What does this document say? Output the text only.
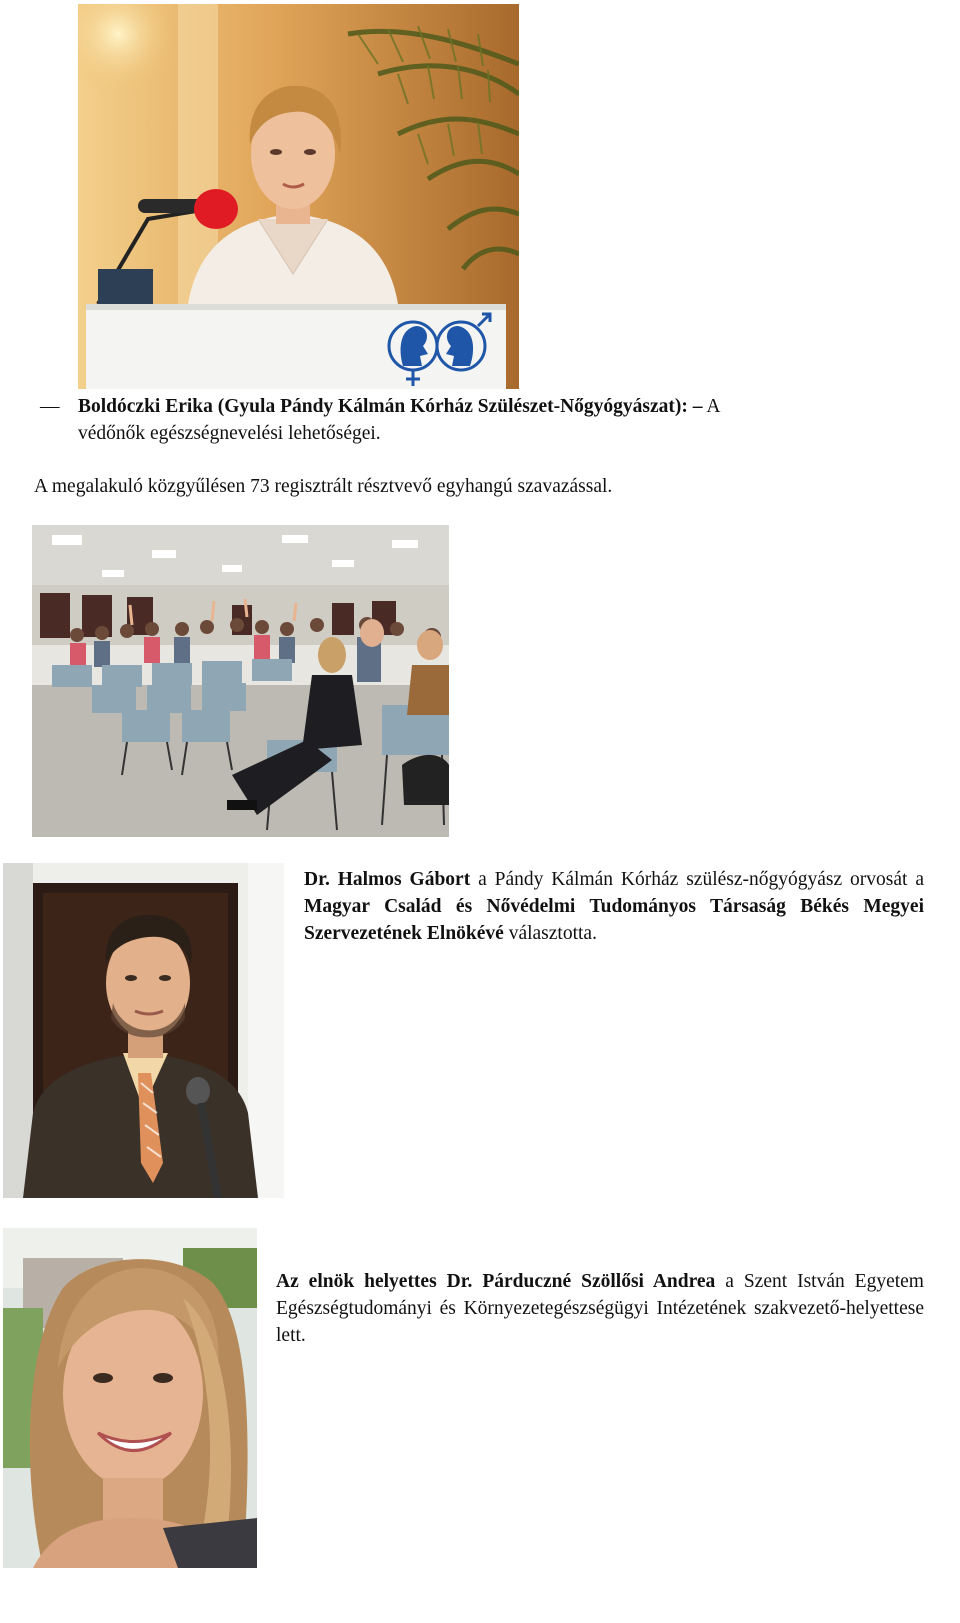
— Boldóczki Erika (Gyula Pándy Kálmán Kórház Szülészet-Nőgyógyászat): – A
védőnők egészségnevelési lehetőségei.
A megalakuló közgyűlésen 73 regisztrált résztvevő egyhangú szavazással.
Dr. Halmos Gábort a Pándy Kálmán Kórház szülész-nőgyógyász orvosát a Magyar Család és Nővédelmi Tudományos Társaság Békés Megyei Szervezetének Elnökévé választotta.
Az elnök helyettes Dr. Párduczné Szöllősi Andrea a Szent István Egyetem Egészségtudományi és Környezetegészségügyi Intézetének szakvezető-helyettese lett.
